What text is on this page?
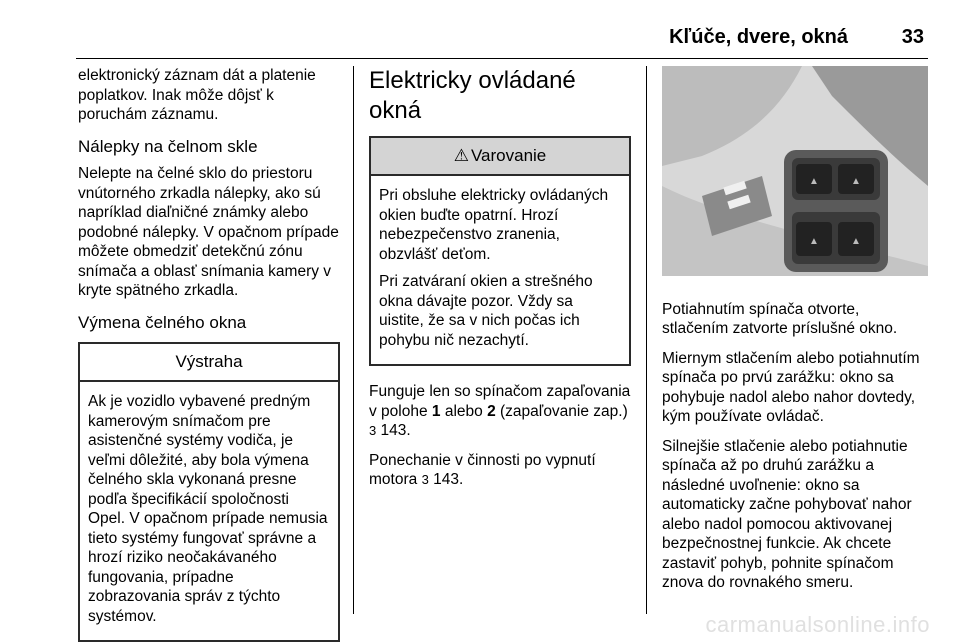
Kľúče, dvere, okná	33

elektronický záznam dát a platenie poplatkov. Inak môže dôjsť k poruchám záznamu.

Nálepky na čelnom skle

Nelepte na čelné sklo do priestoru vnútorného zrkadla nálepky, ako sú napríklad diaľničné známky alebo podobné nálepky. V opačnom prípade môžete obmedziť detekčnú zónu snímača a oblasť snímania kamery v kryte spätného zrkadla.

Výmena čelného okna
Výstraha

Ak je vozidlo vybavené predným kamerovým snímačom pre asistenčné systémy vodiča, je veľmi dôležité, aby bola výmena čelného skla vykonaná presne podľa špecifikácií spoločnosti Opel. V opačnom prípade nemusia tieto systémy fungovať správne a hrozí riziko neočakávaného fungovania, prípadne zobrazovania správ z týchto systémov.

Elektricky ovládané okná
⚠ Varovanie

Pri obsluhe elektricky ovládaných okien buďte opatrní. Hrozí nebezpečenstvo zranenia, obzvlášť deťom.

Pri zatváraní okien a strešného okna dávajte pozor. Vždy sa uistite, že sa v nich počas ich pohybu nič nezachytí.

Funguje len so spínačom zapaľovania v polohe 1 alebo 2 (zapaľovanie zap.) 3 143.

Ponechanie v činnosti po vypnutí motora 3 143.

▲	▲
▲	▲

Potiahnutím spínača otvorte, stlačením zatvorte príslušné okno.

Miernym stlačením alebo potiahnutím spínača po prvú zarážku: okno sa pohybuje nadol alebo nahor dovtedy, kým používate ovládač.

Silnejšie stlačenie alebo potiahnutie spínača až po druhú zarážku a následné uvoľnenie: okno sa automaticky začne pohybovať nahor alebo nadol pomocou aktivovanej bezpečnostnej funkcie. Ak chcete zastaviť pohyb, pohnite spínačom znova do rovnakého smeru.

carmanualsonline.info
